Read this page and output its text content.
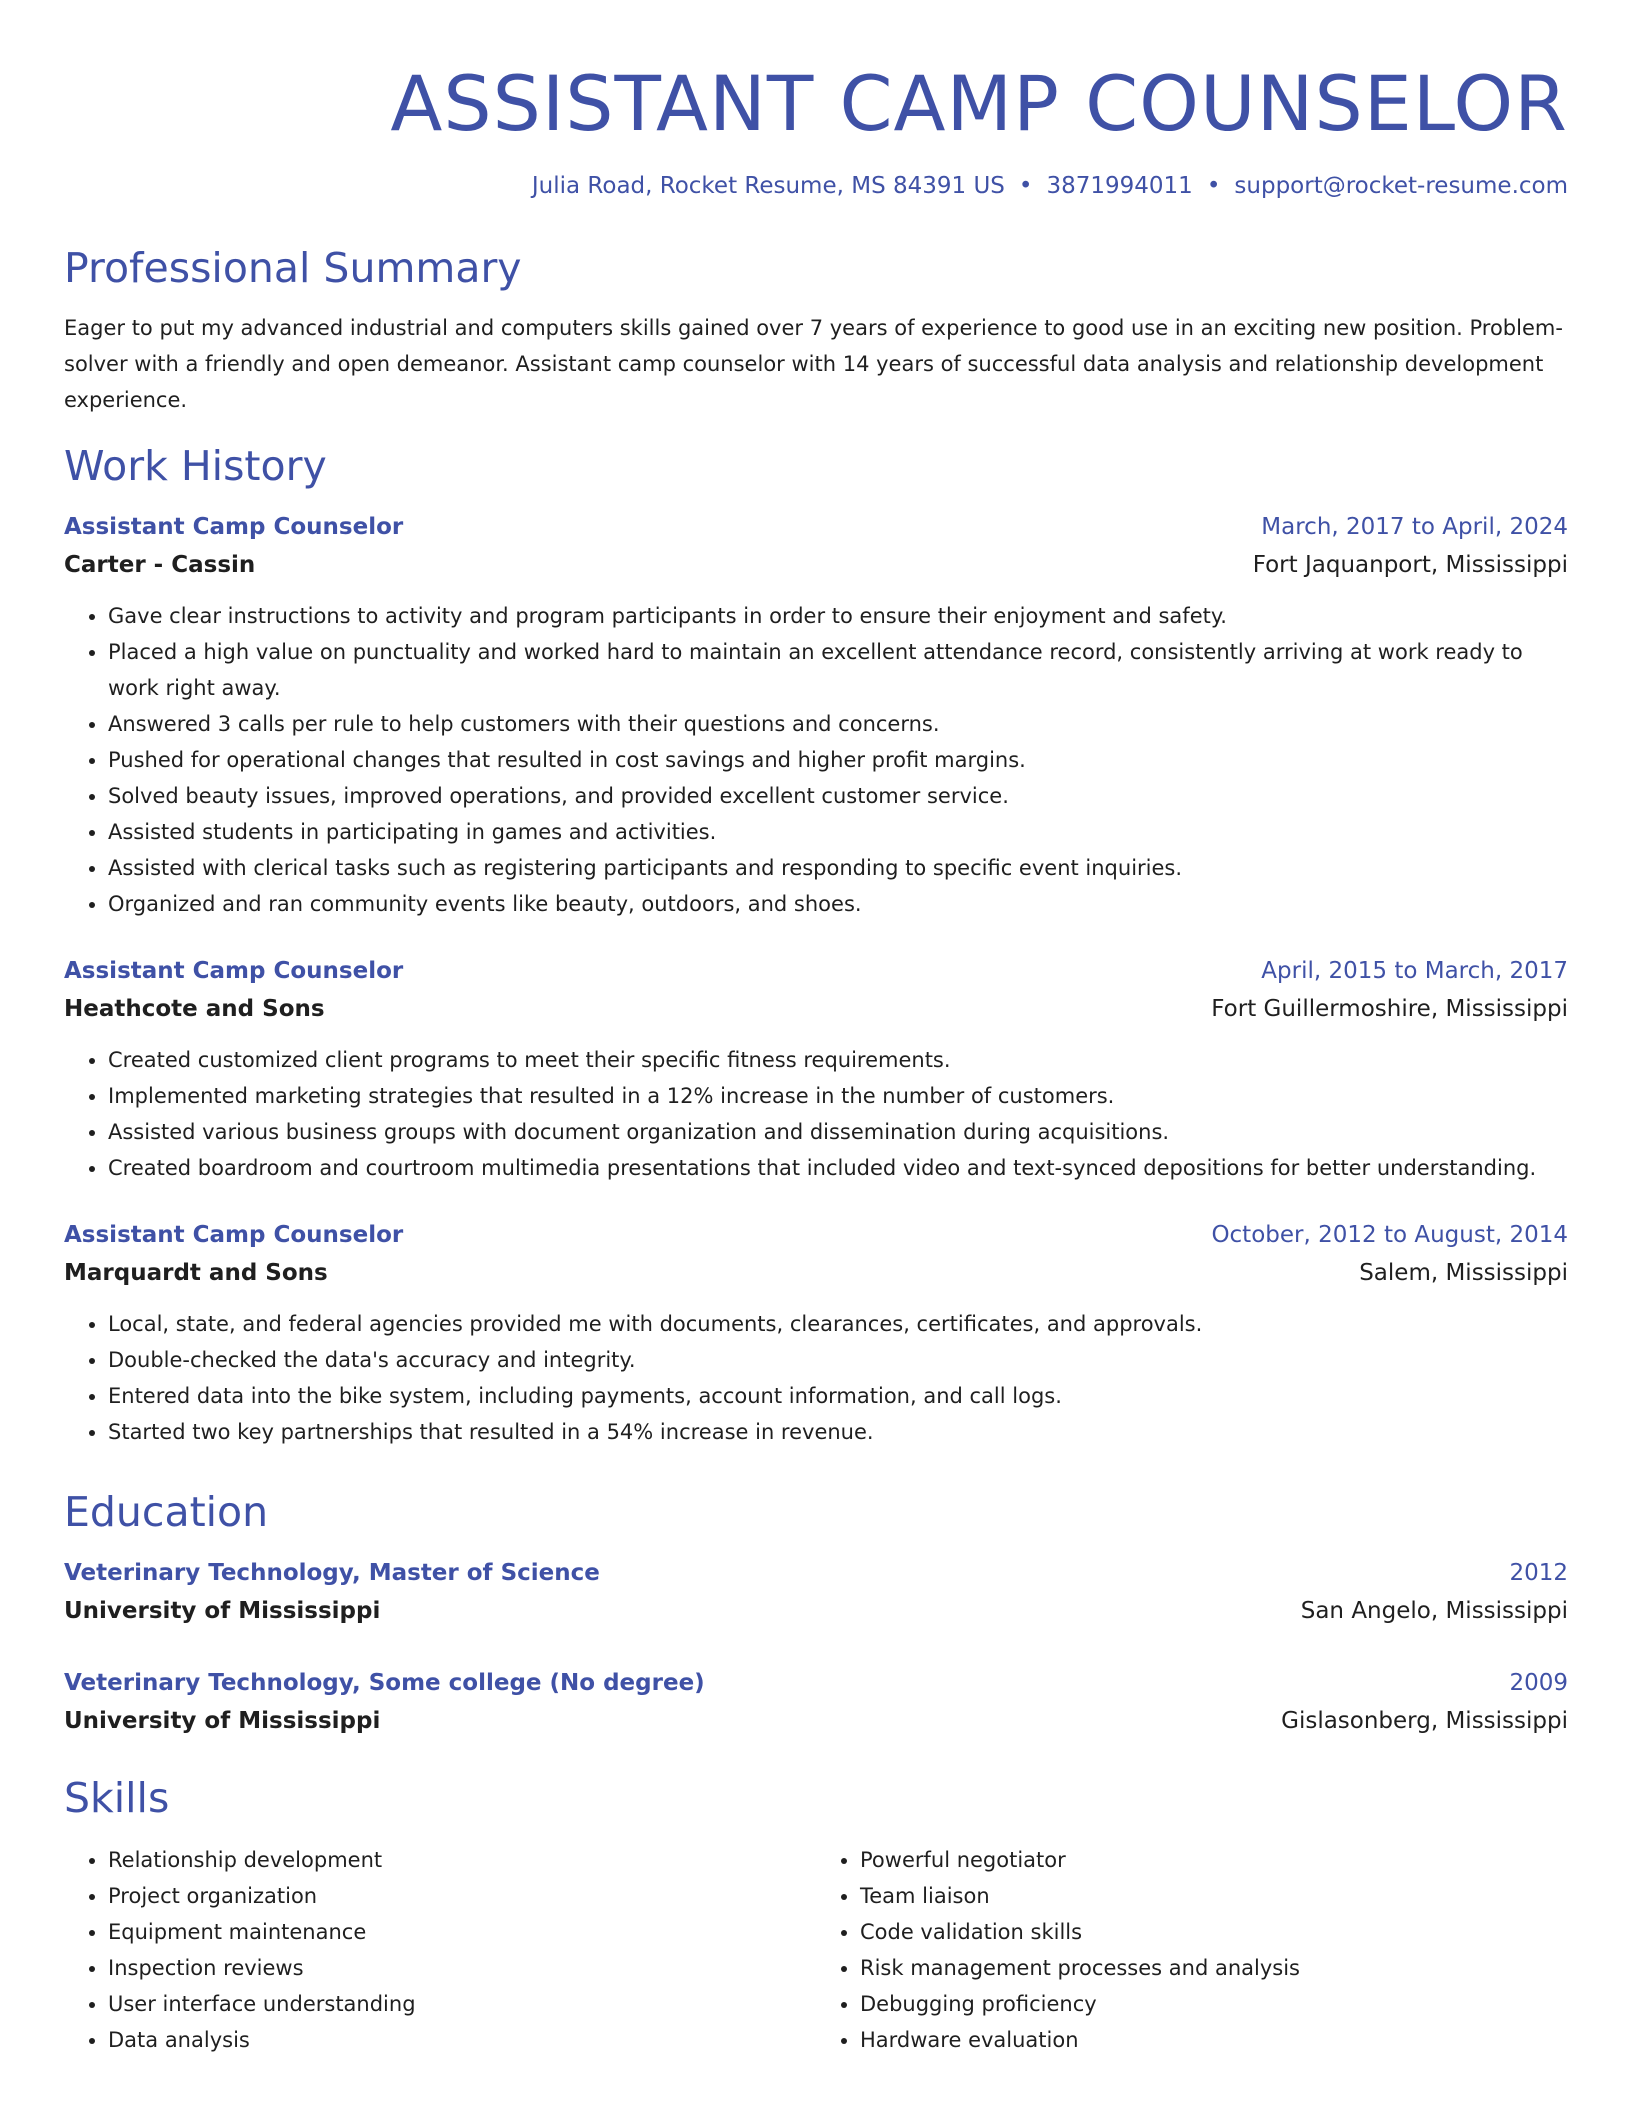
ASSISTANT CAMP COUNSELOR
Julia Road, Rocket Resume, MS 84391 US • 3871994011 • support@rocket-resume.com
Professional Summary

Eager to put my advanced industrial and computers skills gained over 7 years of experience to good use in an exciting new position. Problem-solver with a friendly and open demeanor. Assistant camp counselor with 14 years of successful data analysis and relationship development experience.

Work History
Assistant Camp Counselor	March, 2017 to April, 2024
Carter - Cassin	Fort Jaquanport, Mississippi
• Gave clear instructions to activity and program participants in order to ensure their enjoyment and safety.
• Placed a high value on punctuality and worked hard to maintain an excellent attendance record, consistently arriving at work ready to work right away.
• Answered 3 calls per rule to help customers with their questions and concerns.
• Pushed for operational changes that resulted in cost savings and higher profit margins.
• Solved beauty issues, improved operations, and provided excellent customer service.
• Assisted students in participating in games and activities.
• Assisted with clerical tasks such as registering participants and responding to specific event inquiries.
• Organized and ran community events like beauty, outdoors, and shoes.
Assistant Camp Counselor	April, 2015 to March, 2017
Heathcote and Sons	Fort Guillermoshire, Mississippi
• Created customized client programs to meet their specific fitness requirements.
• Implemented marketing strategies that resulted in a 12% increase in the number of customers.
• Assisted various business groups with document organization and dissemination during acquisitions.
• Created boardroom and courtroom multimedia presentations that included video and text-synced depositions for better understanding.
Assistant Camp Counselor	October, 2012 to August, 2014
Marquardt and Sons	Salem, Mississippi
• Local, state, and federal agencies provided me with documents, clearances, certificates, and approvals.
• Double-checked the data's accuracy and integrity.
• Entered data into the bike system, including payments, account information, and call logs.
• Started two key partnerships that resulted in a 54% increase in revenue.
Education
Veterinary Technology, Master of Science	2012
University of Mississippi	San Angelo, Mississippi
Veterinary Technology, Some college (No degree)	2009
University of Mississippi	Gislasonberg, Mississippi
Skills
• Relationship development
• Project organization
• Equipment maintenance
• Inspection reviews
• User interface understanding
• Data analysis
• Powerful negotiator
• Team liaison
• Code validation skills
• Risk management processes and analysis
• Debugging proficiency
• Hardware evaluation
